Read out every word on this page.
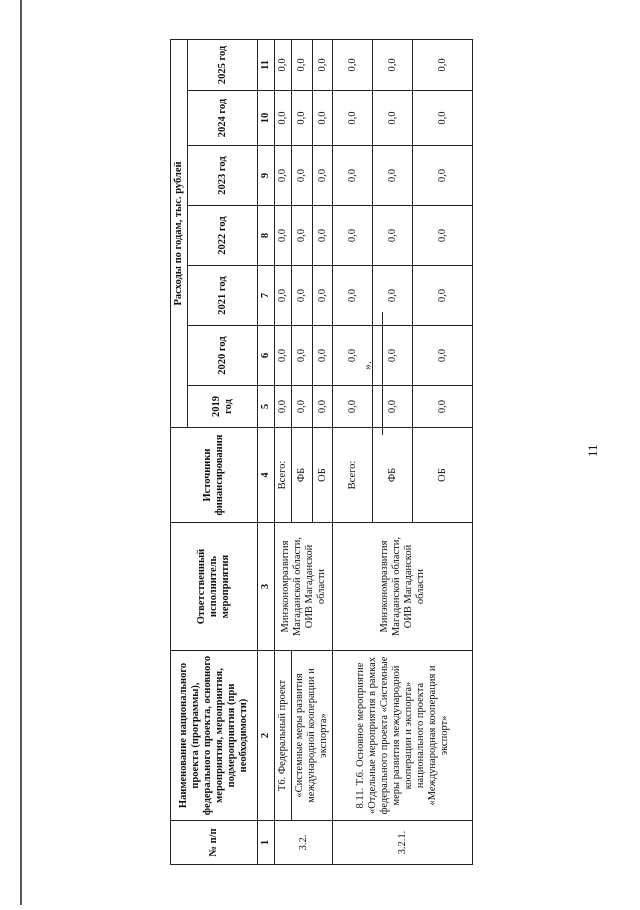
11
№ п/п	Наименование национального проекта (программы), федерального проекта, основного мероприятия, мероприятия, подмероприятия (при необходимости)	Ответственный исполнитель мероприятия	Источники финансирования	Расходы по годам, тыс. рублей						
				2019 год	2020 год	2021 год	2022 год	2023 год	2024 год	2025 год
1	2	3	4	5	6	7	8	9	10	11
3.2.	Т6. Федеральный проект	Минэкономразвития Магаданской области, ОИВ Магаданской области	Всего:	0,0	0,0	0,0	0,0	0,0	0,0	0,0
	«Системные меры развития международной кооперации и экспорта»		ФБ	0,0	0,0	0,0	0,0	0,0	0,0	0,0
			ОБ	0,0	0,0	0,0	0,0	0,0	0,0	0,0
3.2.1.	8.11. Т.6. Основное мероприятие «Отдельные мероприятия в рамках федерального проекта «Системные меры развития международной кооперации и экспорта» национального проекта «Международная кооперация и экспорт»	Минэкономразвития Магаданской области, ОИВ Магаданской области	Всего:	0,0	0,0	0,0	0,0	0,0	0,0	0,0
			ФБ	0,0	0,0	0,0	0,0	0,0	0,0	0,0
			ОБ	0,0	0,0	0,0	0,0	0,0	0,0	0,0
».
